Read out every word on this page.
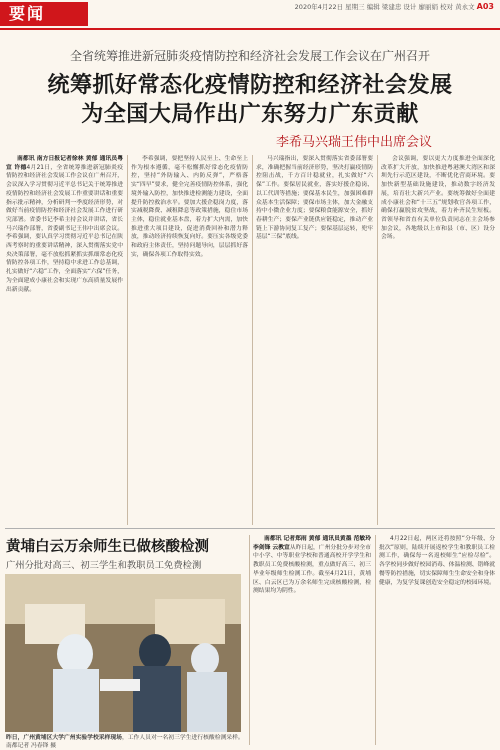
要闻	2020年4月22日 星期三 编辑 梁建忠 设计 廖丽娟 校对 黄永文 A03
全省统筹推进新冠肺炎疫情防控和经济社会发展工作会议在广州召开
统筹抓好常态化疫情防控和经济社会发展
为全国大局作出广东努力广东贡献
李希马兴瑞王伟中出席会议

南都讯 南方日报记者徐林 黄郁 通讯员粤 宣 许德4月21日，全省统筹推进新冠肺炎疫情防控和经济社会发展工作会议在广州召开，会议深入学习贯彻习近平总书记关于统筹推进疫情防控和经济社会发展工作重要讲话和重要指示批示精神，分析研判一季度经济形势，对做好当前疫情防控和经济社会发展工作进行研究部署。省委书记李希主持会议并讲话，省长马兴瑞作部署，省委副书记王伟中出席会议。李希强调，要认真学习贯彻习近平总书记在陕西考察时的重要讲话精神，深入贯彻落实党中央决策部署，毫不放松抓紧抓实抓细常态化疫情防控各项工作，坚持稳中求进工作总基调，扎实做好“六稳”工作，全面落实“六保”任务，为全面建成小康社会和实现广东高质量发展作出新贡献。

李希强调，要把坚持人民至上、生命至上作为根本遵循，毫不松懈抓好常态化疫情防控，坚持“外防输入、内防反弹”，严格落实“四早”要求，健全完善疫情防控体系，强化境外输入防控，加快推进检测能力建设，全面提升防控救治水平。要加大援企稳岗力度，落实减税降费、减租降息等政策措施，稳住市场主体，稳住就业基本盘，着力扩大内需，加快推进重大项目建设，促进消费回补和潜力释放，推动经济持续恢复向好。要压实各级党委和政府主体责任，坚持问题导向，层层抓好落实，确保各项工作取得实效。

马兴瑞指出，要深入贯彻落实省委部署要求，准确把握当前经济形势，坚决打赢疫情防控阻击战，千方百计稳就业，扎实做好“六保”工作。要保居民就业，落实好援企稳岗、以工代训等措施；要保基本民生，加强困难群众基本生活保障；要保市场主体，加大金融支持中小微企业力度；要保粮食能源安全，抓好春耕生产；要保产业链供应链稳定，推动产业链上下游协同复工复产；要保基层运转，兜牢基层“三保”底线。

会议强调，要以更大力度推进全面深化改革扩大开放，加快推进粤港澳大湾区和深圳先行示范区建设，不断优化营商环境。要加快新型基础设施建设，推动数字经济发展，培育壮大新兴产业。要统筹做好全面建成小康社会和“十三五”规划收官各项工作，确保打赢脱贫攻坚战，着力补齐民生短板。省领导和省直有关单位负责同志在主会场参加会议，各地级以上市和县（市、区）设分会场。

黄埔白云万余师生已做核酸检测
广州分批对高三、初三学生和教职员工免费检测
昨日，广州黄埔区大学广州实验学校采样现场，工作人员对一名初三学生进行核酸检测采样。南都记者 冯春锋 摄

南都讯 记者郑雨 黄郁 通讯员黄墨 范敏玲 李剑锋 云教宣从昨日起，广州分批分步对全市中小学、中等职业学校和普通高校开学学生和教职员工免费核酸检测，重点做好高三、初三毕业年级师生检测工作。截至4月21日，黄埔区、白云区已为万余名师生完成核酸检测，检测结果均为阴性。

4月22日起，两区还将按照“分年级、分批次”原则，陆续开展返校学生和教职员工检测工作，确保每一名返校师生“应检尽检”。各学校同步做好校园消毒、体温检测、错峰就餐等防控措施，切实保障师生生命安全和身体健康，为复学复课创造安全稳定的校园环境。
